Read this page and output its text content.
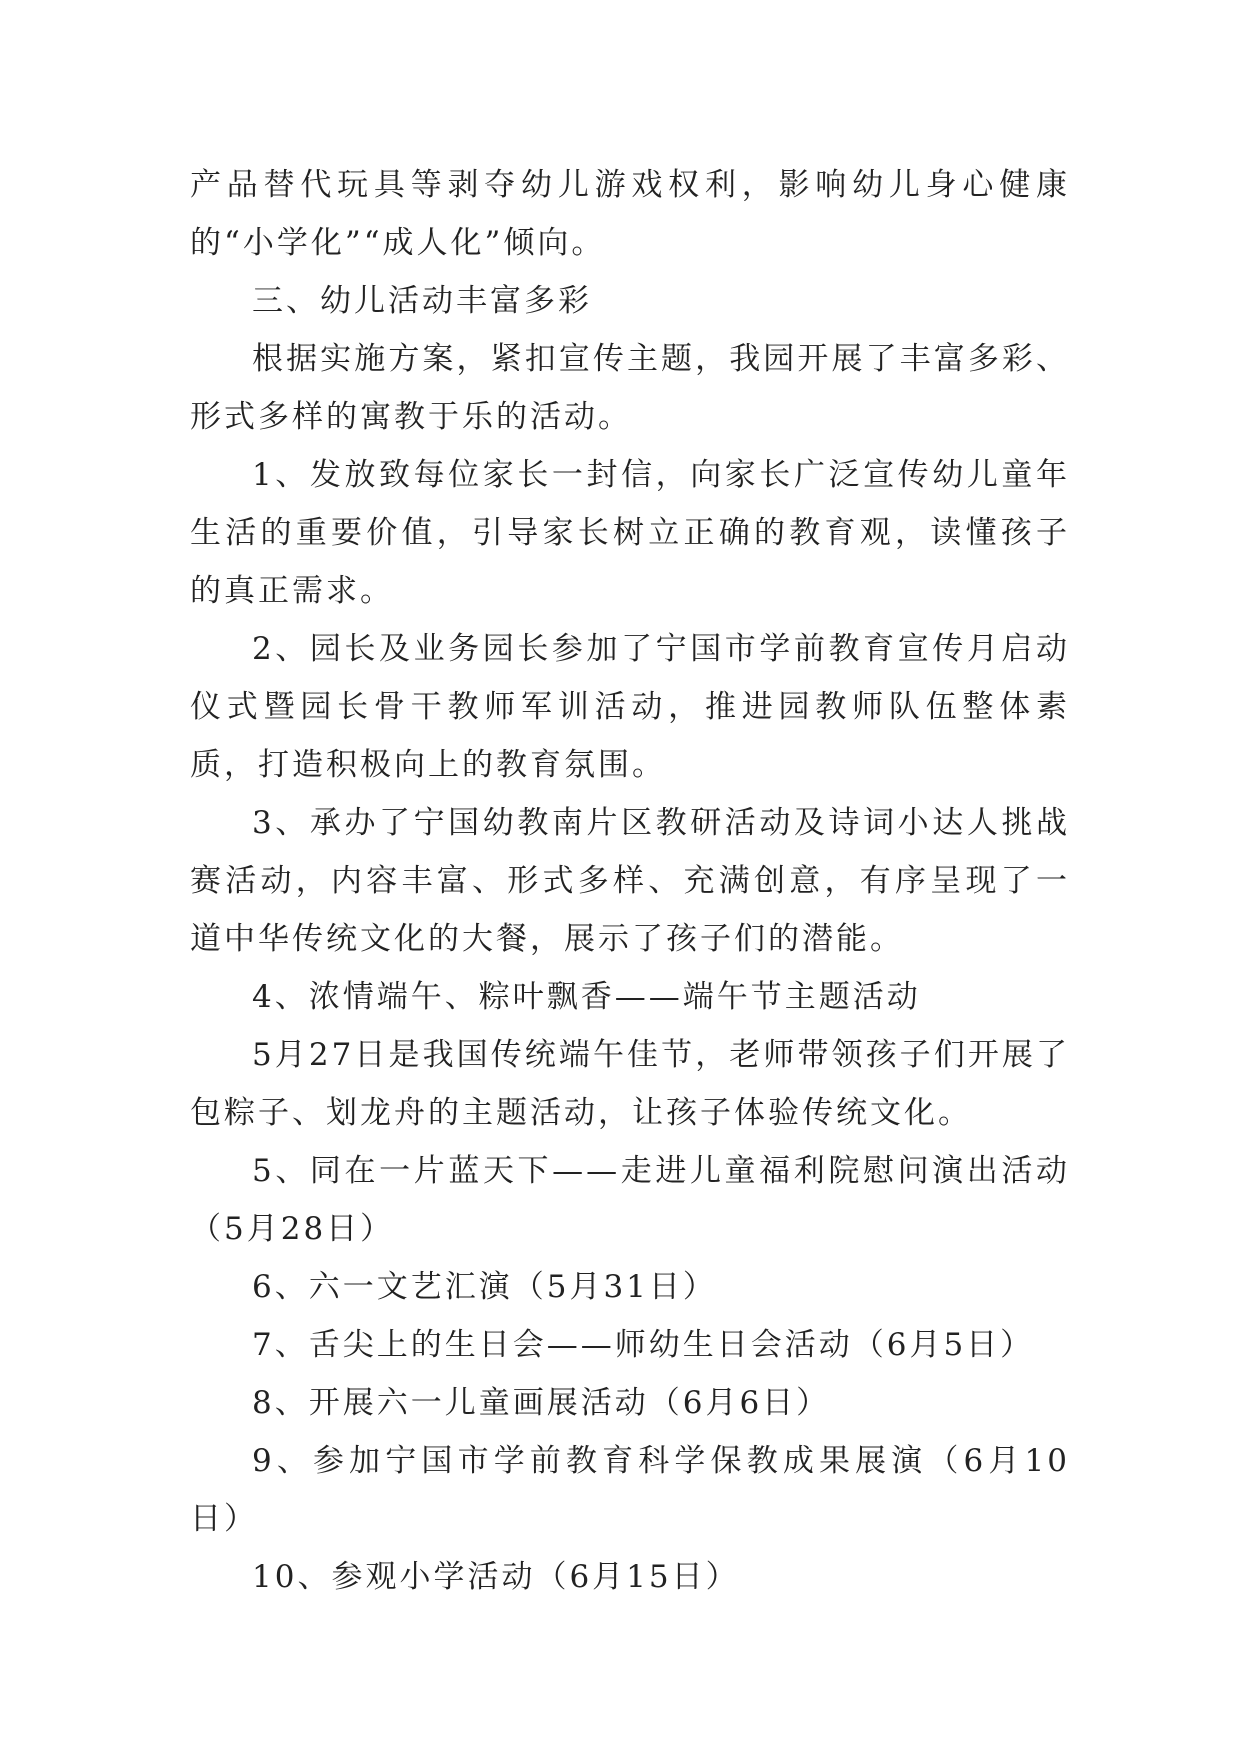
产品替代玩具等剥夺幼儿游戏权利，影响幼儿身心健康的“小学化”“成人化”倾向。

三、幼儿活动丰富多彩

根据实施方案，紧扣宣传主题，我园开展了丰富多彩、形式多样的寓教于乐的活动。

1、发放致每位家长一封信，向家长广泛宣传幼儿童年生活的重要价值，引导家长树立正确的教育观，读懂孩子的真正需求。

2、园长及业务园长参加了宁国市学前教育宣传月启动仪式暨园长骨干教师军训活动，推进园教师队伍整体素质，打造积极向上的教育氛围。

3、承办了宁国幼教南片区教研活动及诗词小达人挑战赛活动，内容丰富、形式多样、充满创意，有序呈现了一道中华传统文化的大餐，展示了孩子们的潜能。

4、浓情端午、粽叶飘香——端午节主题活动

5月27日是我国传统端午佳节，老师带领孩子们开展了包粽子、划龙舟的主题活动，让孩子体验传统文化。

5、同在一片蓝天下——走进儿童福利院慰问演出活动（5月28日）

6、六一文艺汇演（5月31日）

7、舌尖上的生日会——师幼生日会活动（6月5日）

8、开展六一儿童画展活动（6月6日）

9、参加宁国市学前教育科学保教成果展演（6月10日）

10、参观小学活动（6月15日）
